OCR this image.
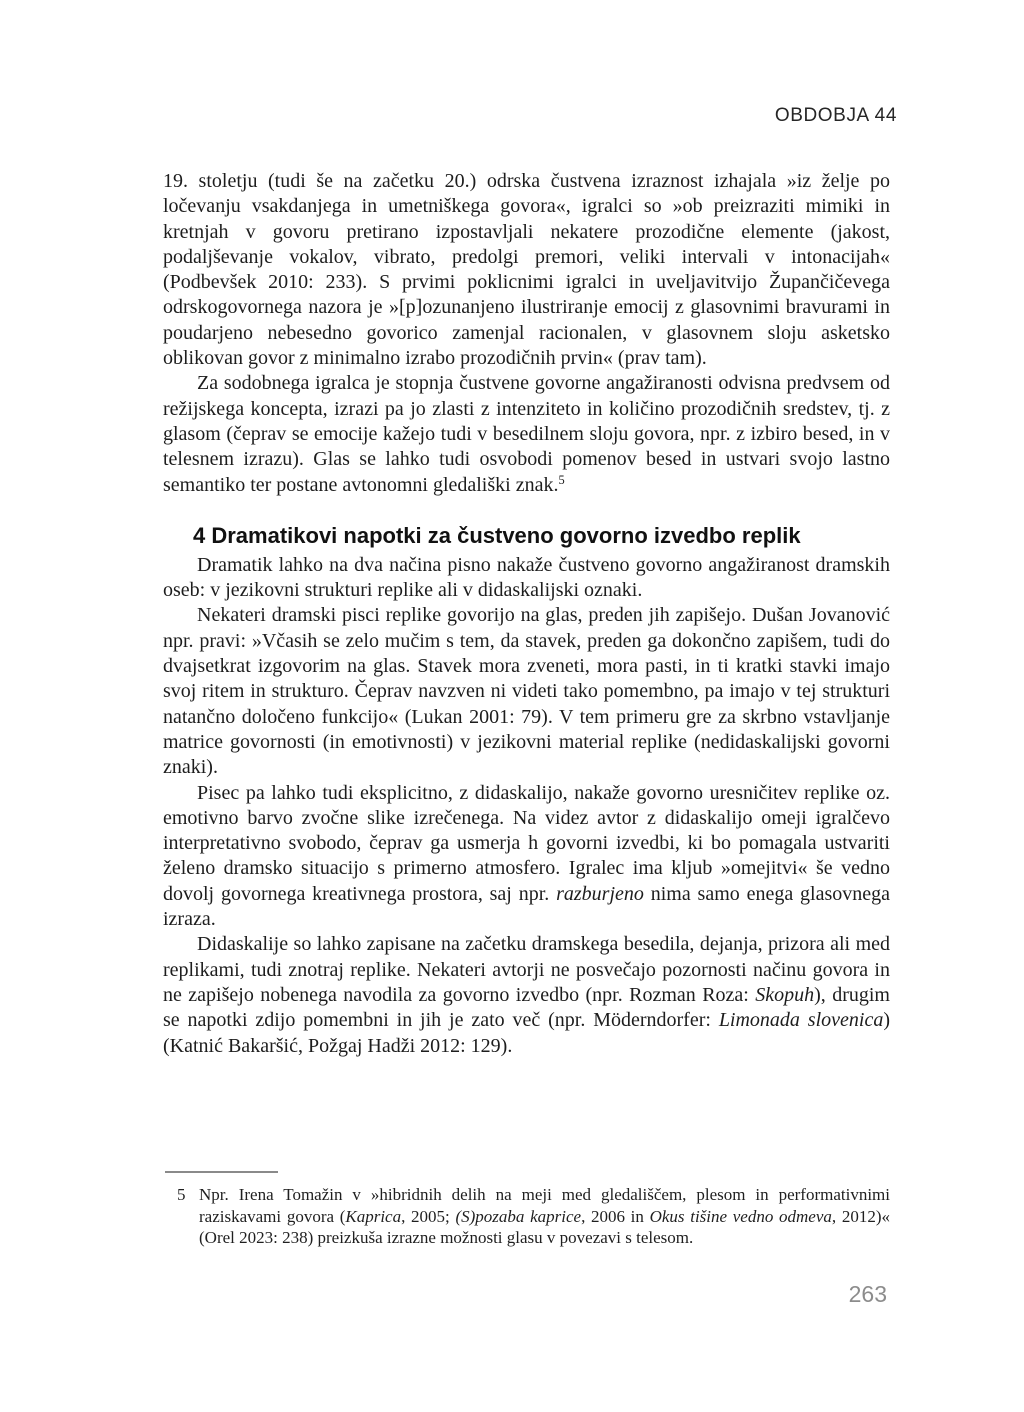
OBDOBJA 44

19. stoletju (tudi še na začetku 20.) odrska čustvena izraznost izhajala »iz želje po ločevanju vsakdanjega in umetniškega govora«, igralci so »ob preizraziti mimiki in kretnjah v govoru pretirano izpostavljali nekatere prozodične elemente (jakost, podaljševanje vokalov, vibrato, predolgi premori, veliki intervali v intonacijah« (Podbevšek 2010: 233). S prvimi poklicnimi igralci in uveljavitvijo Župančičevega odrskogovornega nazora je »[p]ozunanjeno ilustriranje emocij z glasovnimi bravurami in poudarjeno nebesedno govorico zamenjal racionalen, v glasovnem sloju asketsko oblikovan govor z minimalno izrabo prozodičnih prvin« (prav tam).

Za sodobnega igralca je stopnja čustvene govorne angažiranosti odvisna predvsem od režijskega koncepta, izrazi pa jo zlasti z intenziteto in količino prozodičnih sredstev, tj. z glasom (čeprav se emocije kažejo tudi v besedilnem sloju govora, npr. z izbiro besed, in v telesnem izrazu). Glas se lahko tudi osvobodi pomenov besed in ustvari svojo lastno semantiko ter postane avtonomni gledališki znak.$^5$

4 Dramatikovi napotki za čustveno govorno izvedbo replik

Dramatik lahko na dva načina pisno nakaže čustveno govorno angažiranost dramskih oseb: v jezikovni strukturi replike ali v didaskalijski oznaki.

Nekateri dramski pisci replike govorijo na glas, preden jih zapišejo. Dušan Jovanović npr. pravi: »Včasih se zelo mučim s tem, da stavek, preden ga dokončno zapišem, tudi do dvajsetkrat izgovorim na glas. Stavek mora zveneti, mora pasti, in ti kratki stavki imajo svoj ritem in strukturo. Čeprav navzven ni videti tako pomembno, pa imajo v tej strukturi natančno določeno funkcijo« (Lukan 2001: 79). V tem primeru gre za skrbno vstavljanje matrice govornosti (in emotivnosti) v jezikovni material replike (nedidaskalijski govorni znaki).

Pisec pa lahko tudi eksplicitno, z didaskalijo, nakaže govorno uresničitev replike oz. emotivno barvo zvočne slike izrečenega. Na videz avtor z didaskalijo omeji igralčevo interpretativno svobodo, čeprav ga usmerja h govorni izvedbi, ki bo pomagala ustvariti želeno dramsko situacijo s primerno atmosfero. Igralec ima kljub »omejitvi« še vedno dovolj govornega kreativnega prostora, saj npr. razburjeno nima samo enega glasovnega izraza.

Didaskalije so lahko zapisane na začetku dramskega besedila, dejanja, prizora ali med replikami, tudi znotraj replike. Nekateri avtorji ne posvečajo pozornosti načinu govora in ne zapišejo nobenega navodila za govorno izvedbo (npr. Rozman Roza: Skopuh), drugim se napotki zdijo pomembni in jih je zato več (npr. Möderndorfer: Limonada slovenica) (Katnić Bakaršić, Požgaj Hadži 2012: 129).

5 Npr. Irena Tomažin v »hibridnih delih na meji med gledališčem, plesom in performativnimi raziskavami govora (Kaprica, 2005; (S)pozaba kaprice, 2006 in Okus tišine vedno odmeva, 2012)« (Orel 2023: 238) preizkuša izrazne možnosti glasu v povezavi s telesom.
263
